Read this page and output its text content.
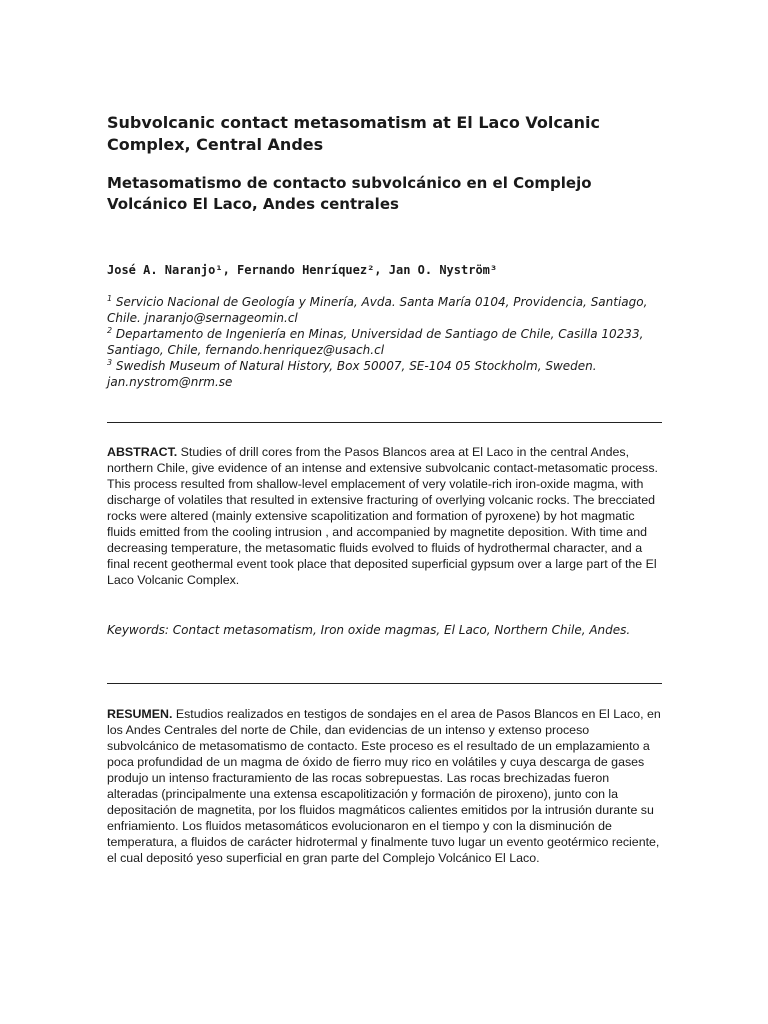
Subvolcanic contact metasomatism at El Laco Volcanic Complex, Central Andes
Metasomatismo de contacto subvolcánico en el Complejo Volcánico El Laco, Andes centrales

José A. Naranjo¹, Fernando Henríquez², Jan O. Nyström³

$^1$ Servicio Nacional de Geología y Minería, Avda. Santa María 0104, Providencia, Santiago, Chile. jnaranjo@sernageomin.cl
$^2$ Departamento de Ingeniería en Minas, Universidad de Santiago de Chile, Casilla 10233, Santiago, Chile, fernando.henriquez@usach.cl
$^3$ Swedish Museum of Natural History, Box 50007, SE-104 05 Stockholm, Sweden. jan.nystrom@nrm.se

ABSTRACT. Studies of drill cores from the Pasos Blancos area at El Laco in the central Andes, northern Chile, give evidence of an intense and extensive subvolcanic contact-metasomatic process. This process resulted from shallow-level emplacement of very volatile-rich iron-oxide magma, with discharge of volatiles that resulted in extensive fracturing of overlying volcanic rocks. The brecciated rocks were altered (mainly extensive scapolitization and formation of pyroxene) by hot magmatic fluids emitted from the cooling intrusion , and accompanied by magnetite deposition. With time and decreasing temperature, the metasomatic fluids evolved to fluids of hydrothermal character, and a final recent geothermal event took place that deposited superficial gypsum over a large part of the El Laco Volcanic Complex.

Keywords: Contact metasomatism, Iron oxide magmas, El Laco, Northern Chile, Andes.

RESUMEN. Estudios realizados en testigos de sondajes en el area de Pasos Blancos en El Laco, en los Andes Centrales del norte de Chile, dan evidencias de un intenso y extenso proceso subvolcánico de metasomatismo de contacto. Este proceso es el resultado de un emplazamiento a poca profundidad de un magma de óxido de fierro muy rico en volátiles y cuya descarga de gases produjo un intenso fracturamiento de las rocas sobrepuestas. Las rocas brechizadas fueron alteradas (principalmente una extensa escapolitización y formación de piroxeno), junto con la depositación de magnetita, por los fluidos magmáticos calientes emitidos por la intrusión durante su enfriamiento. Los fluidos metasomáticos evolucionaron en el tiempo y con la disminución de temperatura, a fluidos de carácter hidrotermal y finalmente tuvo lugar un evento geotérmico reciente, el cual depositó yeso superficial en gran parte del Complejo Volcánico El Laco.
